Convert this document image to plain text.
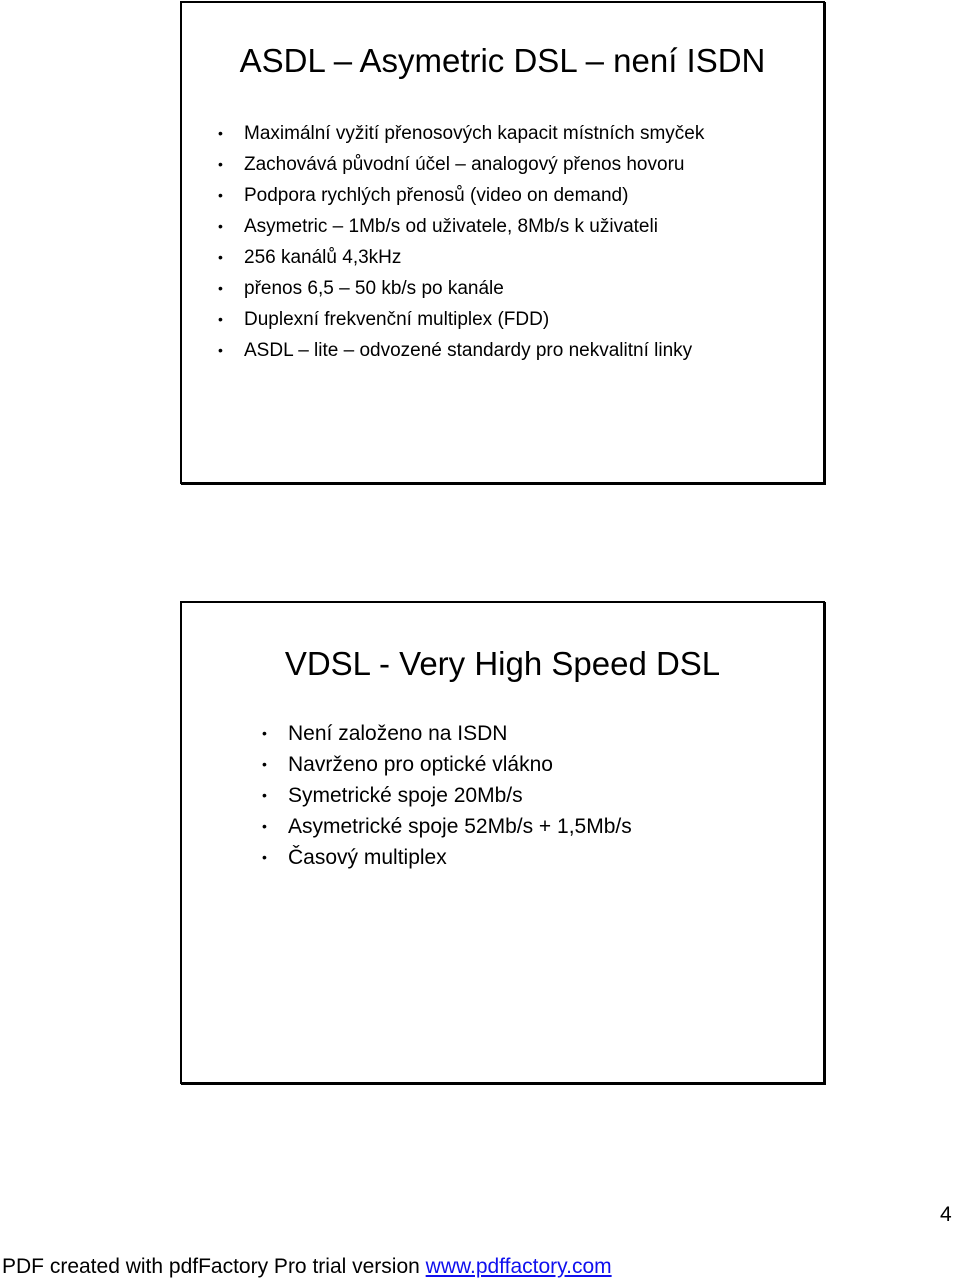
ASDL – Asymetric DSL – není ISDN
• Maximální vyžití přenosových kapacit místních smyček
• Zachovává původní účel – analogový přenos hovoru
• Podpora rychlých přenosů (video on demand)
• Asymetric – 1Mb/s od uživatele, 8Mb/s k uživateli
• 256 kanálů 4,3kHz
• přenos 6,5 – 50 kb/s po kanále
• Duplexní frekvenční multiplex (FDD)
• ASDL – lite – odvozené standardy pro nekvalitní linky
VDSL - Very High Speed DSL
• Není založeno na ISDN
• Navrženo pro optické vlákno
• Symetrické spoje 20Mb/s
• Asymetrické spoje 52Mb/s + 1,5Mb/s
• Časový multiplex
4
PDF created with pdfFactory Pro trial version www.pdffactory.com
